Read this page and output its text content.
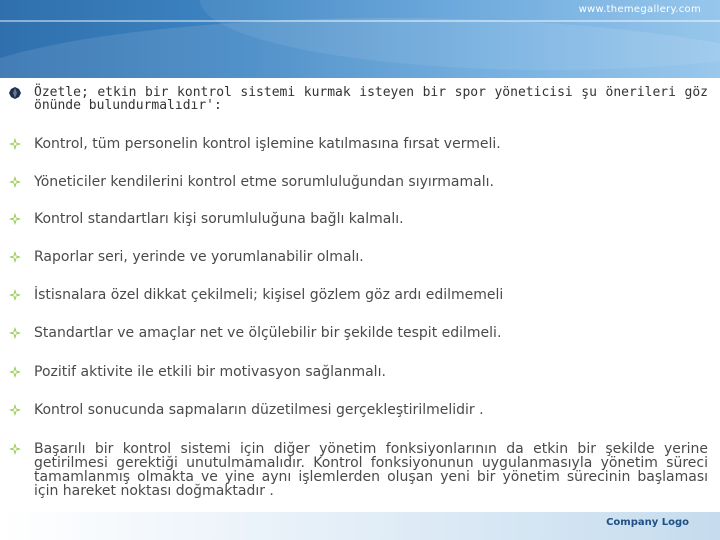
www.themegallery.com
Özetle; etkin bir kontrol sistemi kurmak isteyen bir spor yöneticisi şu önerileri göz önünde bulundurmalıdır':
Kontrol, tüm personelin kontrol işlemine katılmasına fırsat vermeli.
Yöneticiler kendilerini kontrol etme sorumluluğundan sıyırmamalı.
Kontrol standartları kişi sorumluluğuna bağlı kalmalı.
Raporlar seri, yerinde ve yorumlanabilir olmalı.
İstisnalara özel dikkat çekilmeli; kişisel gözlem göz ardı edilmemeli
Standartlar ve amaçlar net ve ölçülebilir bir şekilde tespit edilmeli.
Pozitif aktivite ile etkili bir motivasyon sağlanmalı.
Kontrol sonucunda sapmaların düzetilmesi gerçekleştirilmelidir .
Başarılı bir kontrol sistemi için diğer yönetim fonksiyonlarının da etkin bir şekilde yerine getirilmesi gerektiği unutulmamalıdır. Kontrol fonksiyonunun uygulanmasıyla yönetim süreci tamamlanmış olmakta ve yine aynı işlemlerden oluşan yeni bir yönetim sürecinin başlaması için hareket noktası doğmaktadır .
Company Logo
